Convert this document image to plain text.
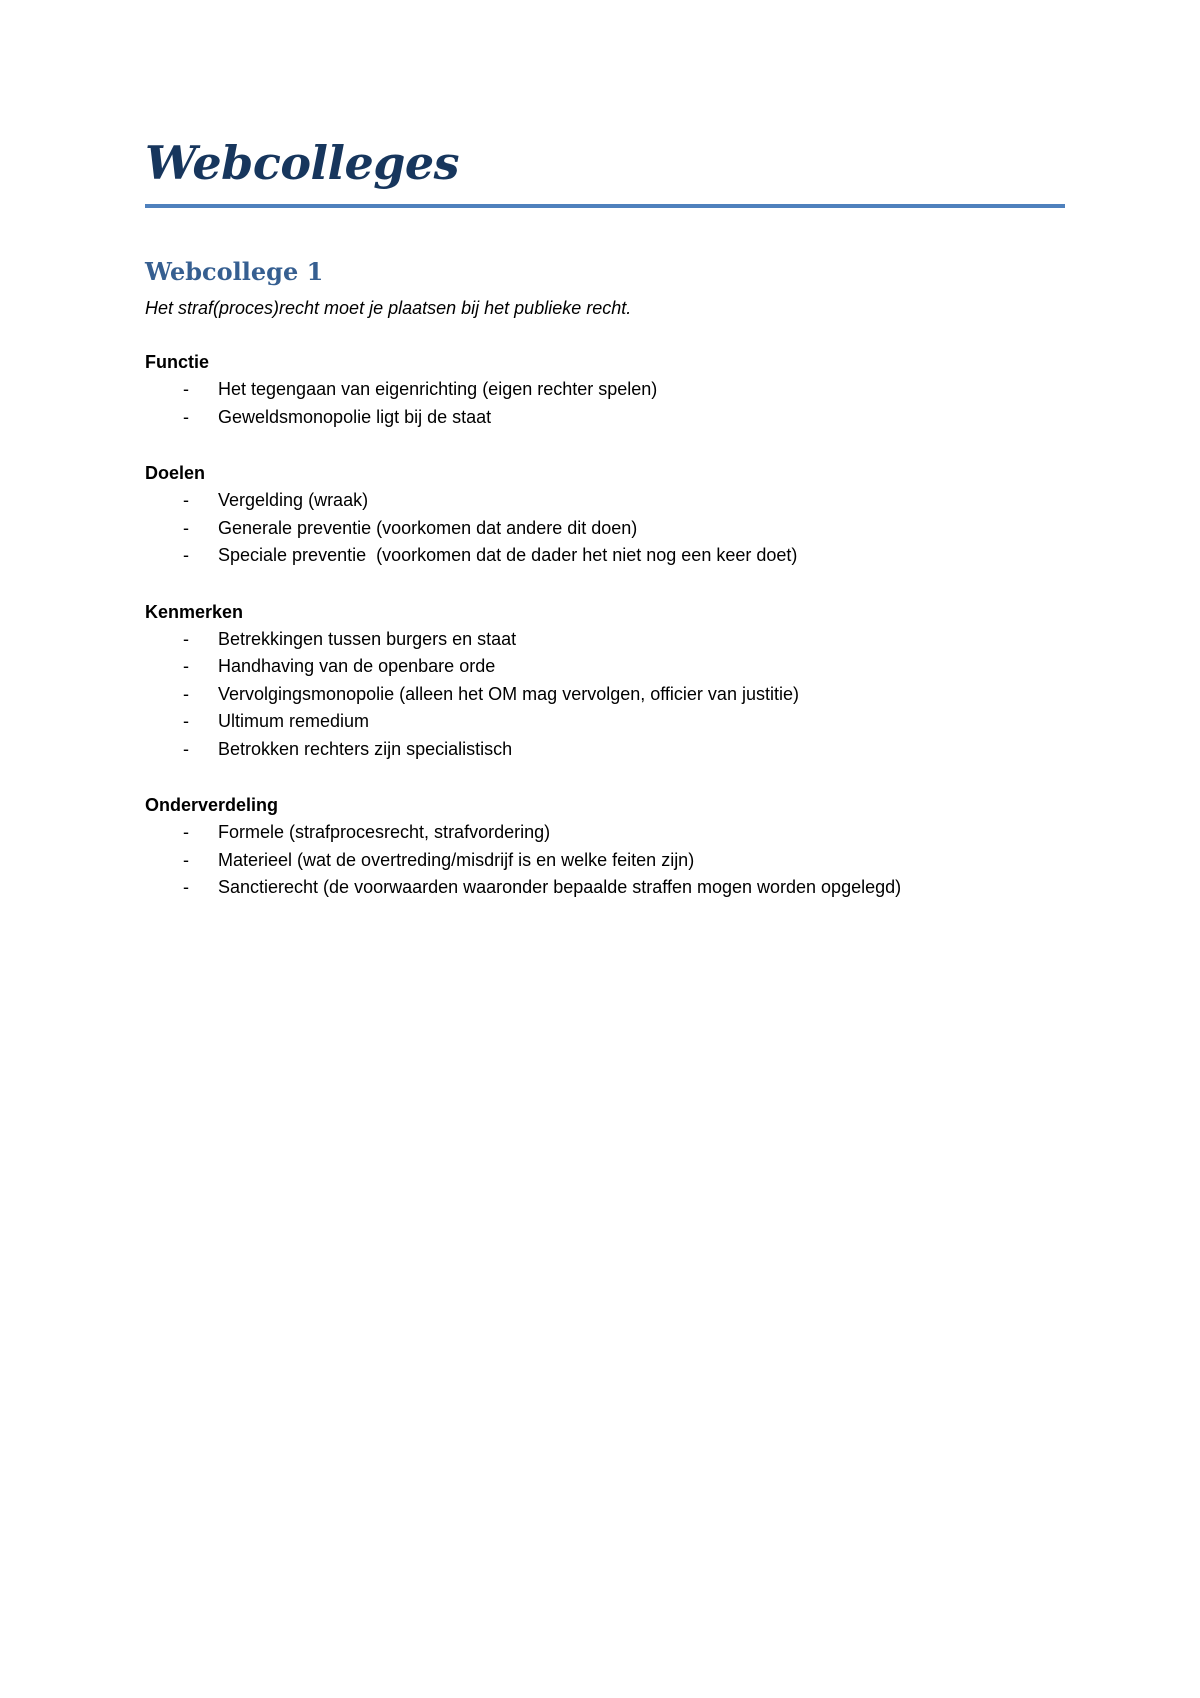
Webcolleges
Webcollege 1

Het straf(proces)recht moet je plaatsen bij het publieke recht.

Functie

- Het tegengaan van eigenrichting (eigen rechter spelen)
- Geweldsmonopolie ligt bij de staat

Doelen

- Vergelding (wraak)
- Generale preventie (voorkomen dat andere dit doen)
- Speciale preventie  (voorkomen dat de dader het niet nog een keer doet)

Kenmerken

- Betrekkingen tussen burgers en staat
- Handhaving van de openbare orde
- Vervolgingsmonopolie (alleen het OM mag vervolgen, officier van justitie)
- Ultimum remedium
- Betrokken rechters zijn specialistisch

Onderverdeling

- Formele (strafprocesrecht, strafvordering)
- Materieel (wat de overtreding/misdrijf is en welke feiten zijn)
- Sanctierecht (de voorwaarden waaronder bepaalde straffen mogen worden opgelegd)
